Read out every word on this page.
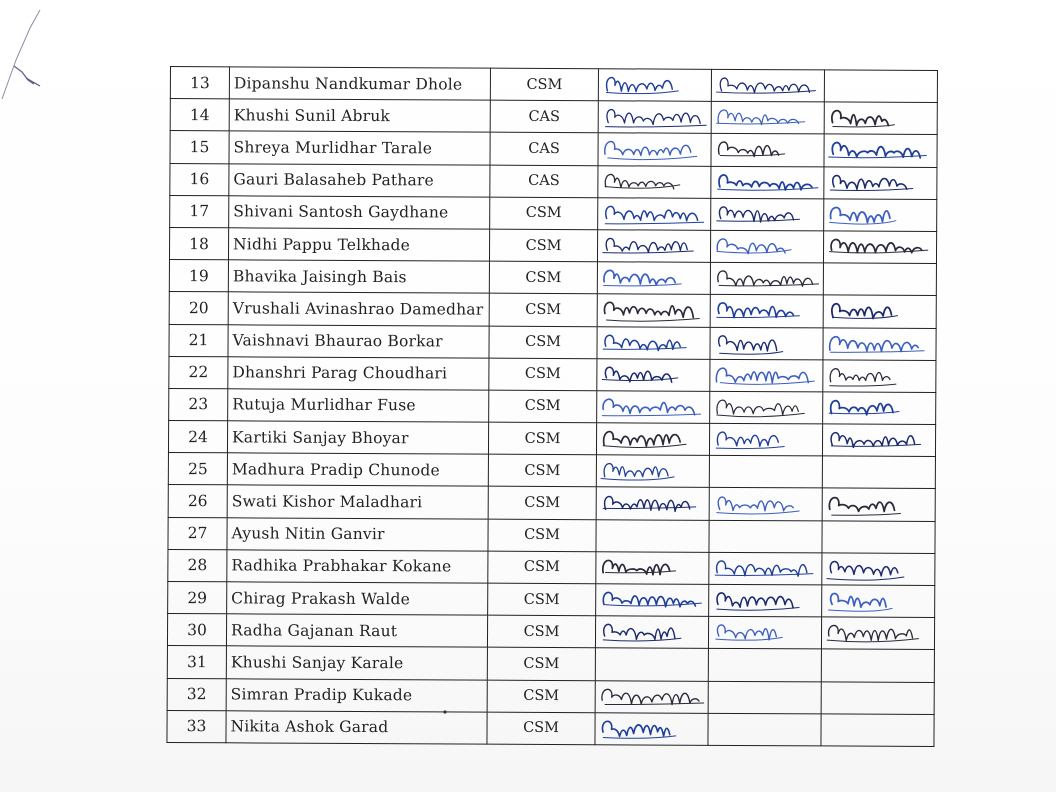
13	Dipanshu Nandkumar Dhole	CSM	

14	Khushi Sunil Abruk	CAS	

15	Shreya Murlidhar Tarale	CAS	

16	Gauri Balasaheb Pathare	CAS	

17	Shivani Santosh Gaydhane	CSM	

18	Nidhi Pappu Telkhade	CSM	

19	Bhavika Jaisingh Bais	CSM	

20	Vrushali Avinashrao Damedhar	CSM	

21	Vaishnavi Bhaurao Borkar	CSM	

22	Dhanshri Parag Choudhari	CSM	

23	Rutuja Murlidhar Fuse	CSM	

24	Kartiki Sanjay Bhoyar	CSM	

25	Madhura Pradip Chunode	CSM	

26	Swati Kishor Maladhari	CSM	

27	Ayush Nitin Ganvir	CSM			
28	Radhika Prabhakar Kokane	CSM	

29	Chirag Prakash Walde	CSM	

30	Radha Gajanan Raut	CSM	

31	Khushi Sanjay Karale	CSM			
32	Simran Pradip Kukade	CSM	

33	Nikita Ashok Garad	CSM	
